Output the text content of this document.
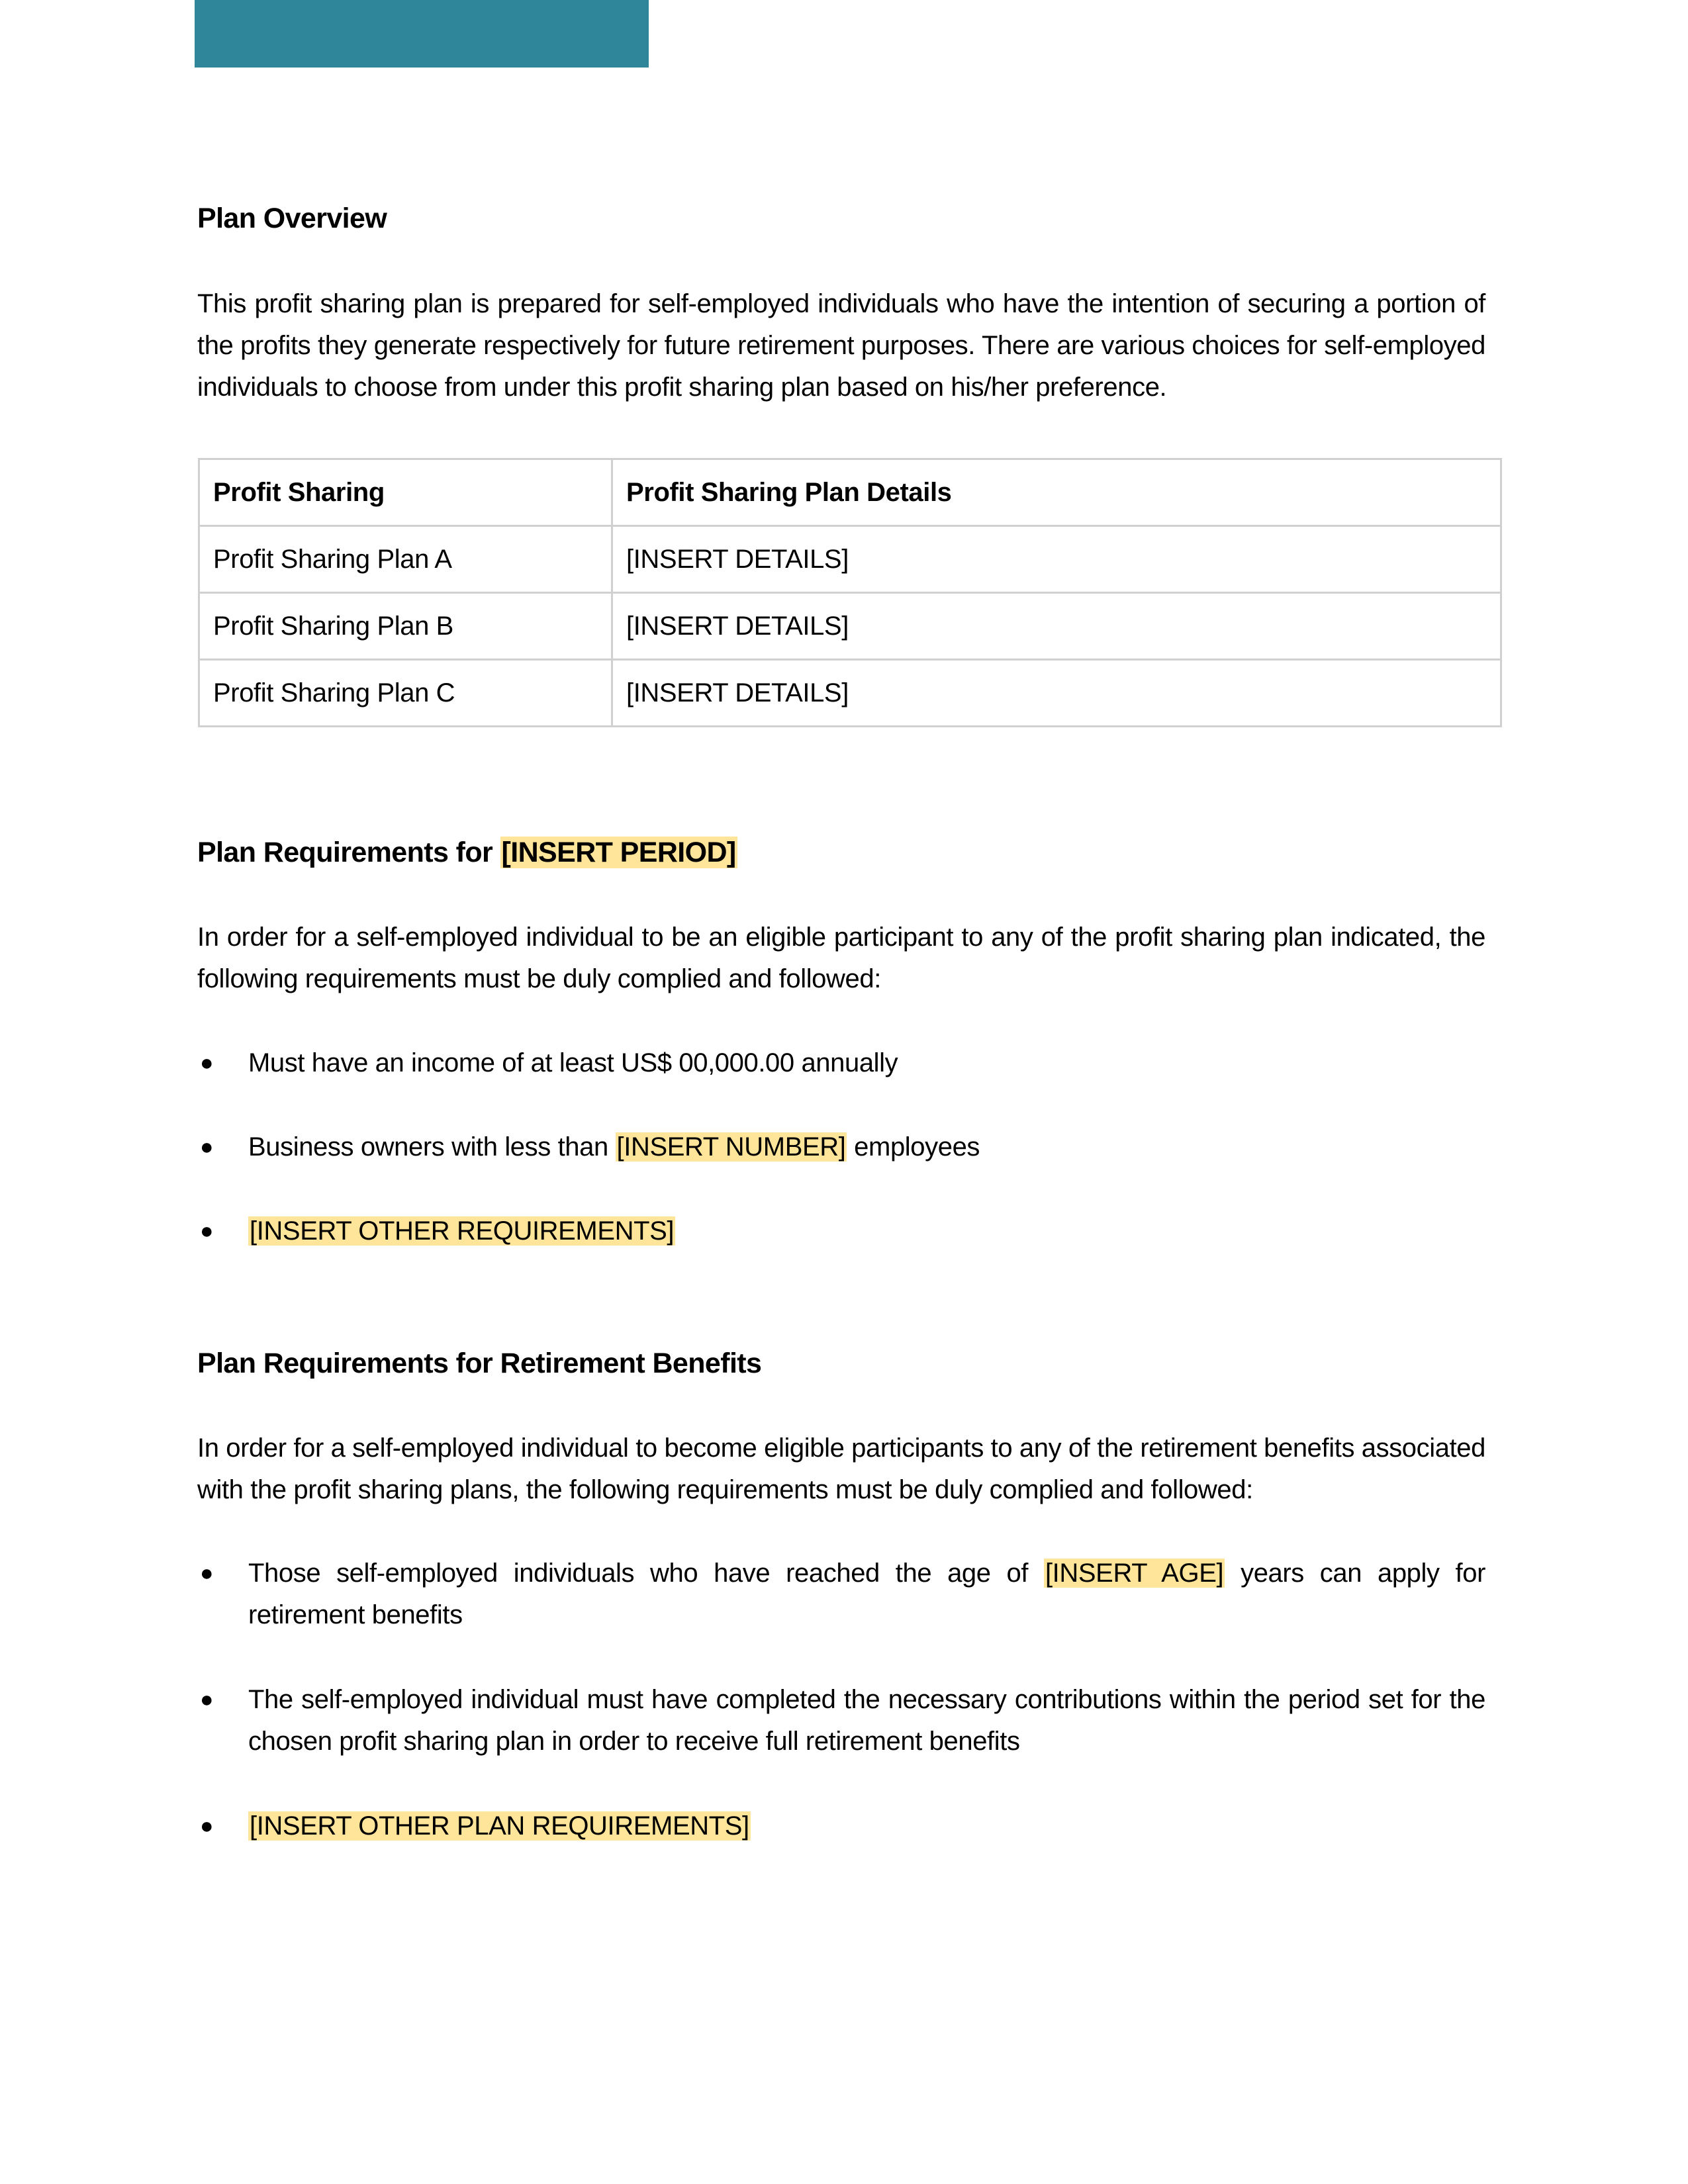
Plan Overview

This profit sharing plan is prepared for self-employed individuals who have the intention of securing a portion of the profits they generate respectively for future retirement purposes. There are various choices for self-employed individuals to choose from under this profit sharing plan based on his/her preference.

Profit Sharing	Profit Sharing Plan Details
Profit Sharing Plan A	[INSERT DETAILS]
Profit Sharing Plan B	[INSERT DETAILS]
Profit Sharing Plan C	[INSERT DETAILS]
Plan Requirements for [INSERT PERIOD]

In order for a self-employed individual to be an eligible participant to any of the profit sharing plan indicated, the following requirements must be duly complied and followed:

● Must have an income of at least US$ 00,000.00 annually
● Business owners with less than [INSERT NUMBER] employees
● [INSERT OTHER REQUIREMENTS]
Plan Requirements for Retirement Benefits

In order for a self-employed individual to become eligible participants to any of the retirement benefits associated with the profit sharing plans, the following requirements must be duly complied and followed:

● Those self-employed individuals who have reached the age of [INSERT AGE] years can apply for retirement benefits
● The self-employed individual must have completed the necessary contributions within the period set for the chosen profit sharing plan in order to receive full retirement benefits
● [INSERT OTHER PLAN REQUIREMENTS]
